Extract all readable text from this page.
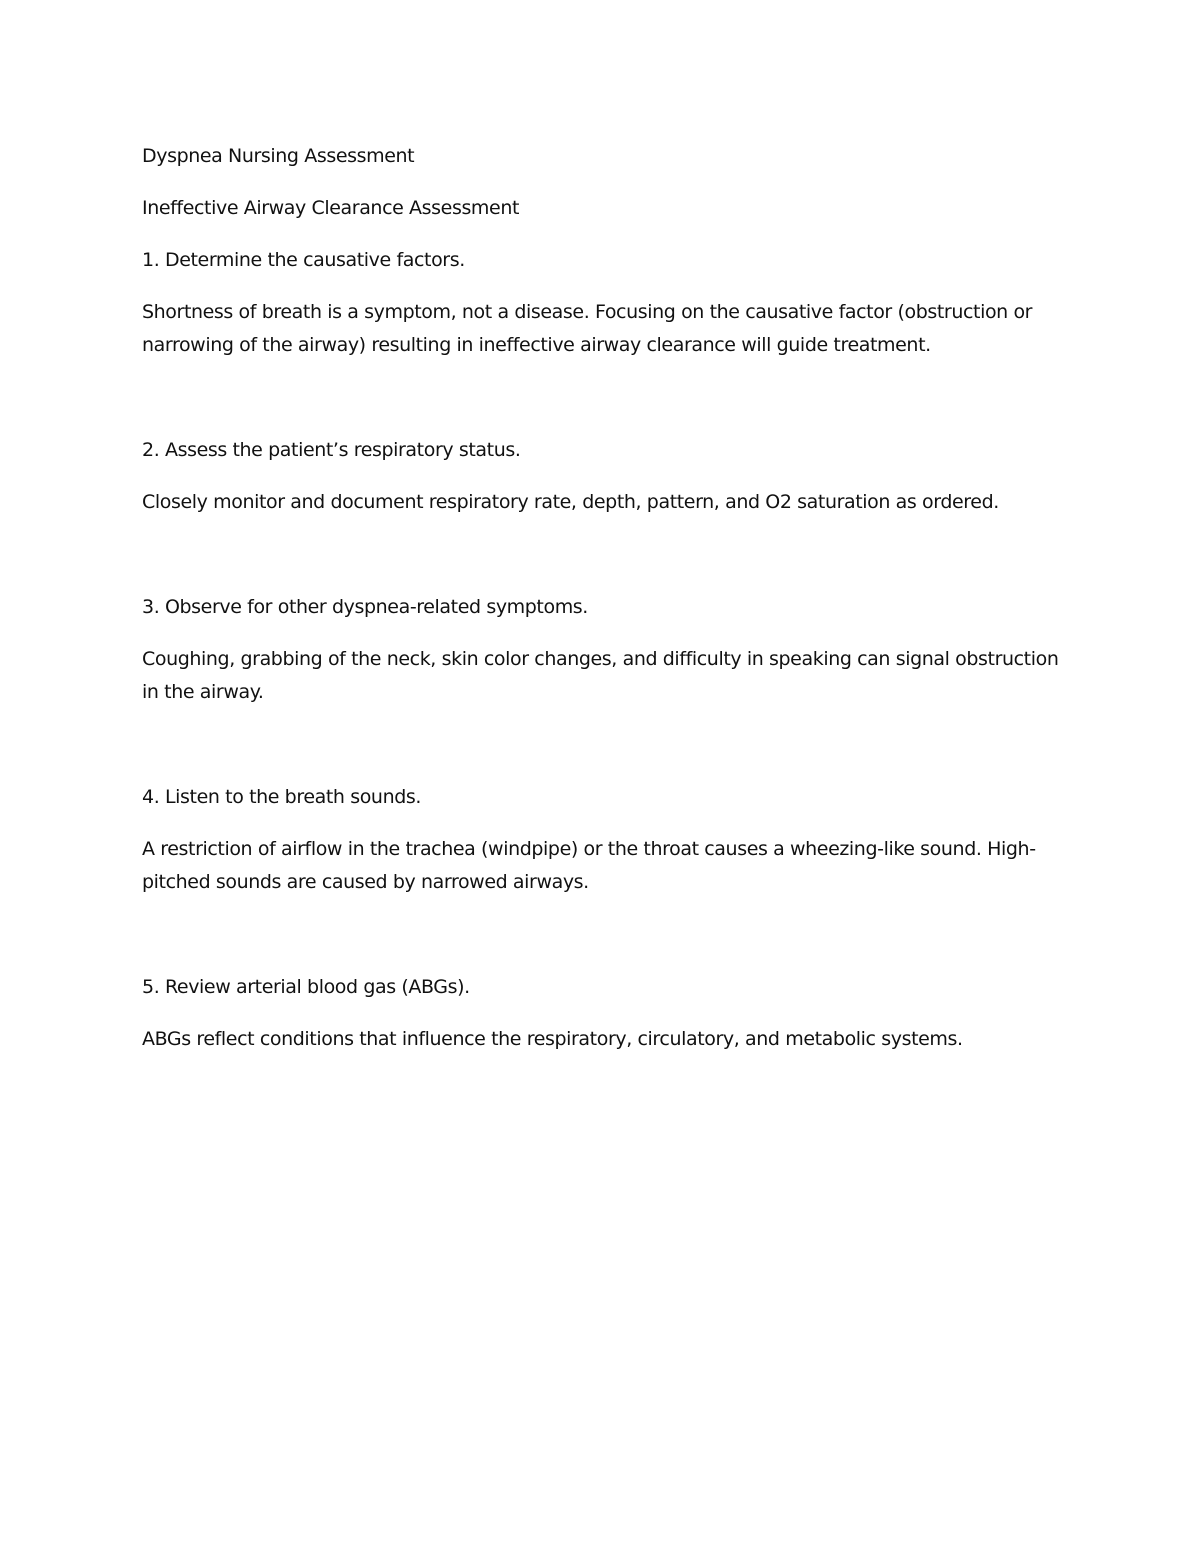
Dyspnea Nursing Assessment

Ineffective Airway Clearance Assessment

1. Determine the causative factors.

Shortness of breath is a symptom, not a disease. Focusing on the causative factor (obstruction or narrowing of the airway) resulting in ineffective airway clearance will guide treatment.

2. Assess the patient’s respiratory status.

Closely monitor and document respiratory rate, depth, pattern, and O2 saturation as ordered.

3. Observe for other dyspnea-related symptoms.

Coughing, grabbing of the neck, skin color changes, and difficulty in speaking can signal obstruction in the airway.

4. Listen to the breath sounds.

A restriction of airflow in the trachea (windpipe) or the throat causes a wheezing-like sound. High-pitched sounds are caused by narrowed airways.

5. Review arterial blood gas (ABGs).

ABGs reflect conditions that influence the respiratory, circulatory, and metabolic systems.
